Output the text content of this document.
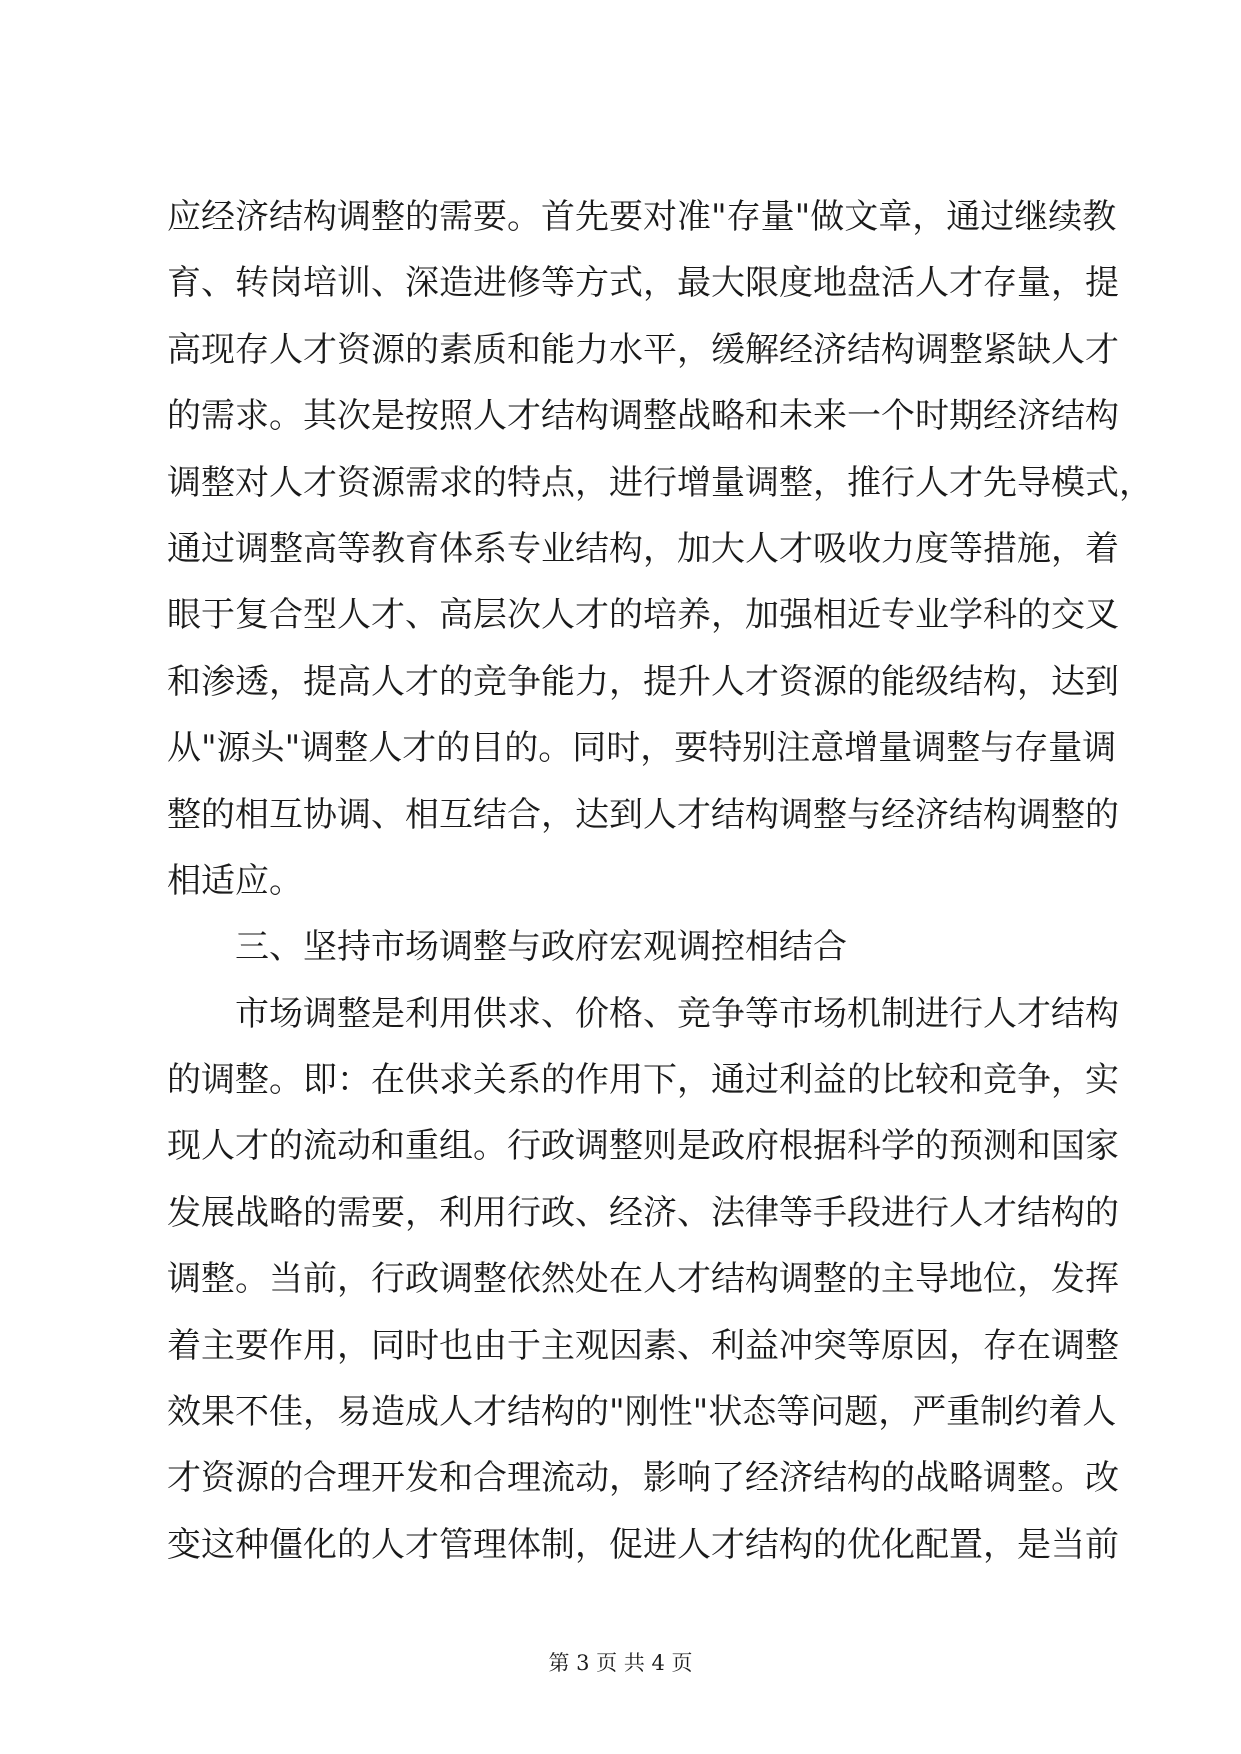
应经济结构调整的需要。首先要对准"存量"做文章，通过继续教
育、转岗培训、深造进修等方式，最大限度地盘活人才存量，提
高现存人才资源的素质和能力水平，缓解经济结构调整紧缺人才
的需求。其次是按照人才结构调整战略和未来一个时期经济结构
调整对人才资源需求的特点，进行增量调整，推行人才先导模式，
通过调整高等教育体系专业结构，加大人才吸收力度等措施，着
眼于复合型人才、高层次人才的培养，加强相近专业学科的交叉
和渗透，提高人才的竞争能力，提升人才资源的能级结构，达到
从"源头"调整人才的目的。同时，要特别注意增量调整与存量调
整的相互协调、相互结合，达到人才结构调整与经济结构调整的
相适应。
三、坚持市场调整与政府宏观调控相结合
市场调整是利用供求、价格、竞争等市场机制进行人才结构
的调整。即：在供求关系的作用下，通过利益的比较和竞争，实
现人才的流动和重组。行政调整则是政府根据科学的预测和国家
发展战略的需要，利用行政、经济、法律等手段进行人才结构的
调整。当前，行政调整依然处在人才结构调整的主导地位，发挥
着主要作用，同时也由于主观因素、利益冲突等原因，存在调整
效果不佳，易造成人才结构的"刚性"状态等问题，严重制约着人
才资源的合理开发和合理流动，影响了经济结构的战略调整。改
变这种僵化的人才管理体制，促进人才结构的优化配置，是当前
第 3 页 共 4 页
